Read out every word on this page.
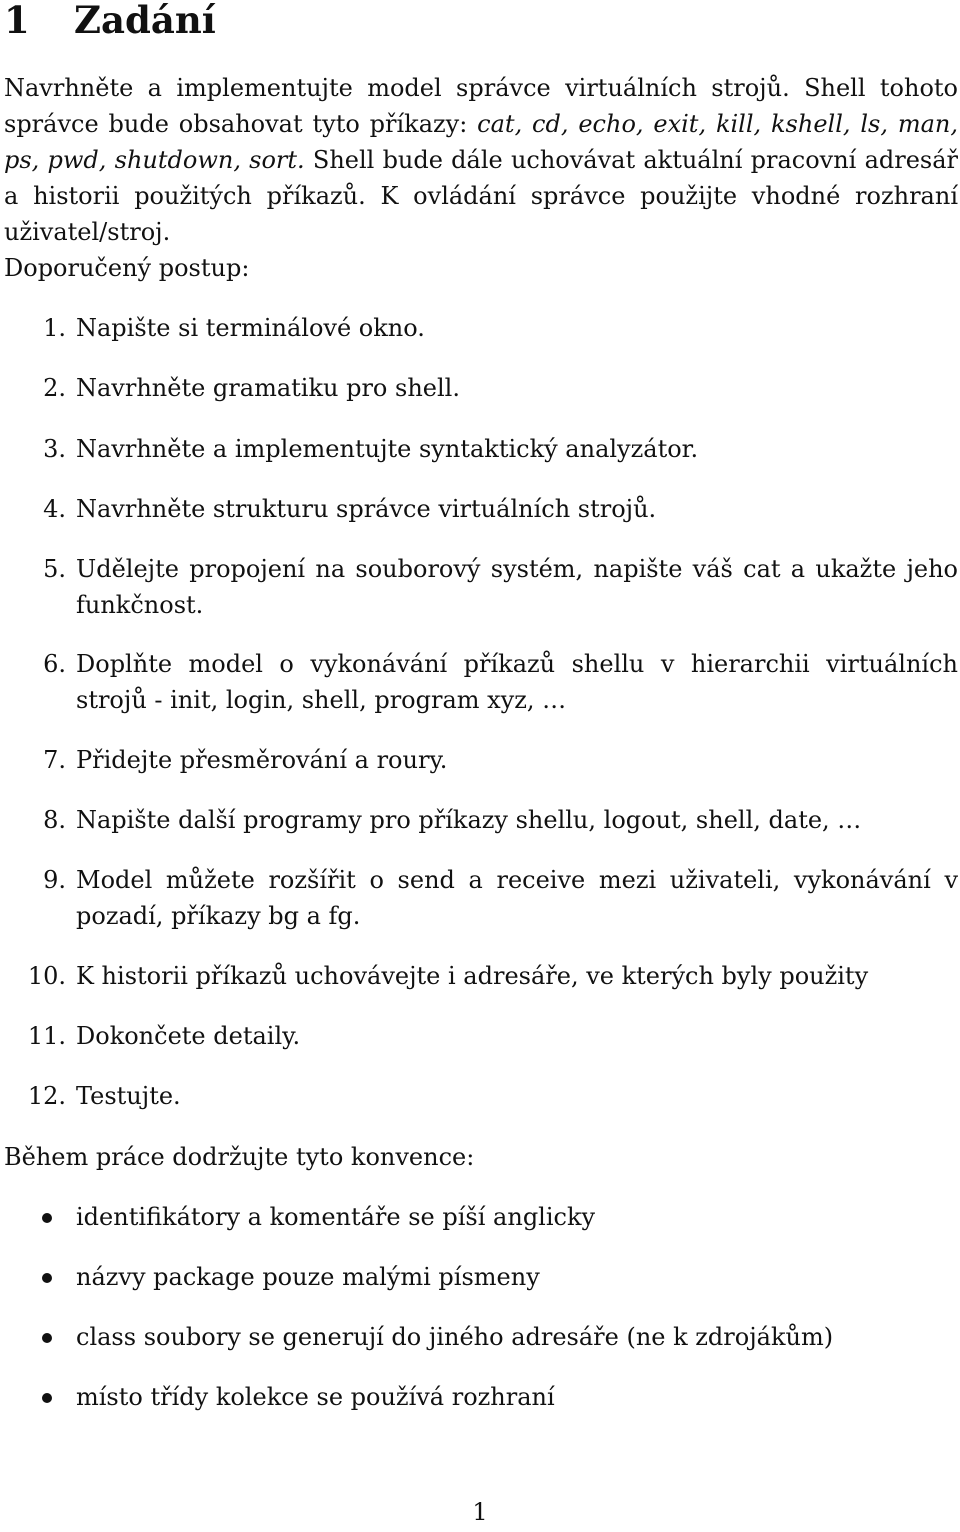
1 Zadání

Navrhněte a implementujte model správce virtuálních strojů. Shell tohoto správce bude obsahovat tyto příkazy: cat, cd, echo, exit, kill, kshell, ls, man, ps, pwd, shutdown, sort. Shell bude dále uchovávat aktuální pracovní adresář a historii použitých příkazů. K ovládání správce použijte vhodné rozhraní uživatel/stroj.

Doporučený postup:

1. Napište si terminálové okno.
2. Navrhněte gramatiku pro shell.
3. Navrhněte a implementujte syntaktický analyzátor.
4. Navrhněte strukturu správce virtuálních strojů.
5. Udělejte propojení na souborový systém, napište váš cat a ukažte jeho funkčnost.
6. Doplňte model o vykonávání příkazů shellu v hierarchii virtuálních strojů - init, login, shell, program xyz, …
7. Přidejte přesměrování a roury.
8. Napište další programy pro příkazy shellu, logout, shell, date, …
9. Model můžete rozšířit o send a receive mezi uživateli, vykonávání v pozadí, příkazy bg a fg.
10. K historii příkazů uchovávejte i adresáře, ve kterých byly použity
11. Dokončete detaily.
12. Testujte.

Během práce dodržujte tyto konvence:

identifikátory a komentáře se píší anglicky
názvy package pouze malými písmeny
class soubory se generují do jiného adresáře (ne k zdrojákům)
místo třídy kolekce se používá rozhraní
1
